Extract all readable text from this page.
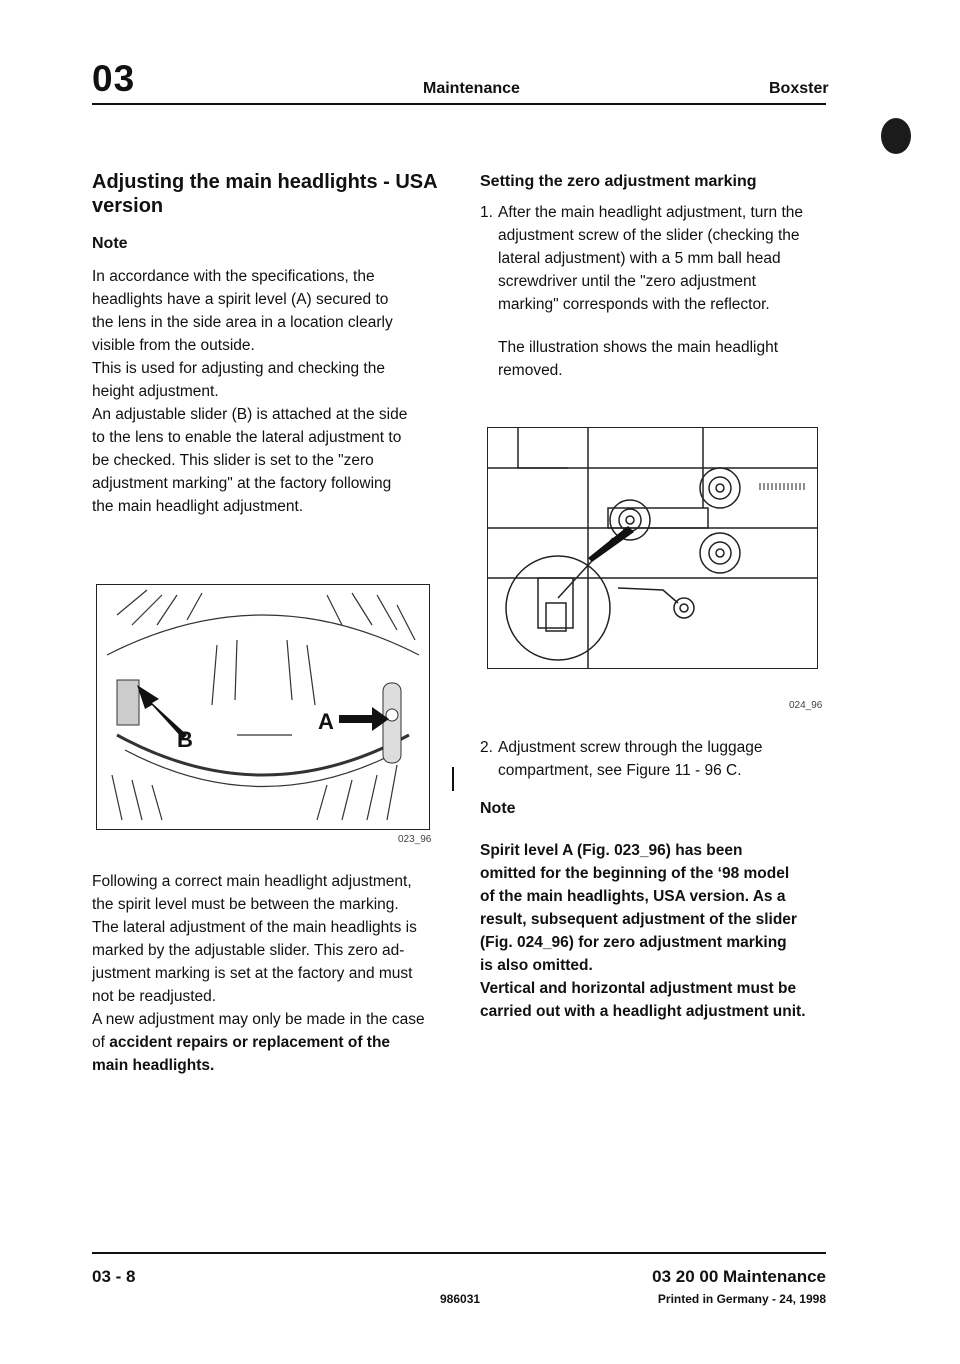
03	Maintenance	Boxster
Adjusting the main headlights - USA version
Note

In accordance with the specifications, the

headlights have a spirit level (A) secured to

the lens in the side area in a location clearly

visible from the outside.

This is used for adjusting and checking the

height adjustment.

An adjustable slider (B) is attached at the side

to the lens to enable the lateral adjustment to

be checked. This slider is set to the "zero

adjustment marking" at the factory following

the main headlight adjustment.

A
B
023_96

Following a correct main headlight adjustment,

the spirit level must be between the marking.

The lateral adjustment of the main headlights is

marked by the adjustable slider. This zero ad-

justment marking is set at the factory and must

not be readjusted.

A new adjustment may only be made in the case

of accident repairs or replacement of the

main headlights.

Setting the zero adjustment marking
1. After the main headlight adjustment, turn the

adjustment screw of the slider (checking the

lateral adjustment) with a 5 mm ball head

screwdriver until the "zero adjustment

marking" corresponds with the reflector.

The illustration shows the main headlight

removed.

024_96
2. Adjustment screw through the luggage

compartment, see Figure 11 - 96 C.

Note

Spirit level A (Fig. 023_96) has been

omitted for the beginning of the ‘98 model

of the main headlights, USA version. As a

result, subsequent adjustment of the slider

(Fig. 024_96) for zero adjustment marking

is also omitted.

Vertical and horizontal adjustment must be

carried out with a headlight adjustment unit.

03 - 8	03 20 00 Maintenance
986031	Printed in Germany - 24, 1998
